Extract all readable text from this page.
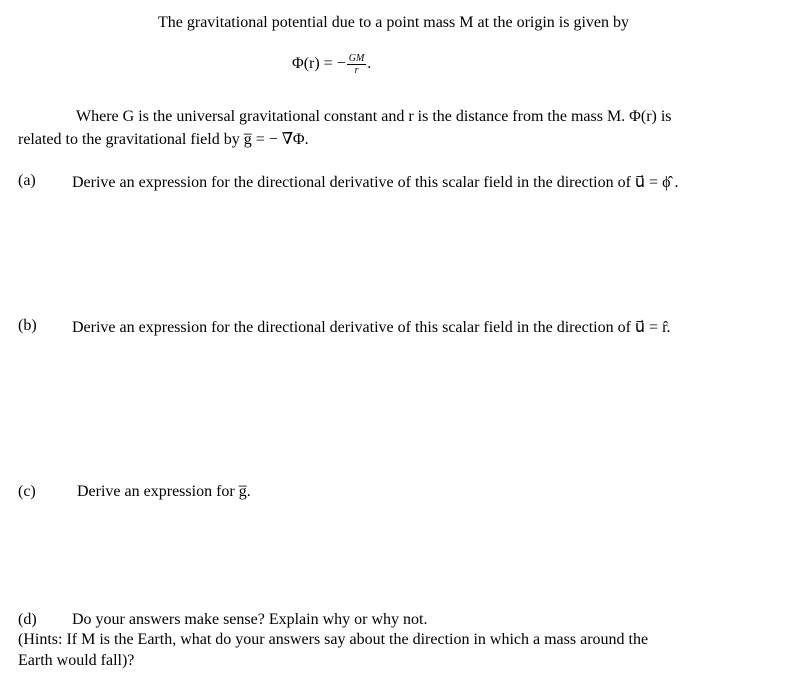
The gravitational potential due to a point mass M at the origin is given by
Φ(r) = − $\frac{GM}{r}$ .
Where G is the universal gravitational constant and r is the distance from the mass M. Φ(r) is
related to the gravitational field by g̅ = − ∇̅Φ.
(a) Derive an expression for the directional derivative of this scalar field in the direction of u⃗ = ϕ̂ .
(b) Derive an expression for the directional derivative of this scalar field in the direction of u⃗ = r̂.
(c)	Derive an expression for g̅.
(d) Do your answers make sense? Explain why or why not.
(Hints: If M is the Earth, what do your answers say about the direction in which a mass around the
Earth would fall)?
